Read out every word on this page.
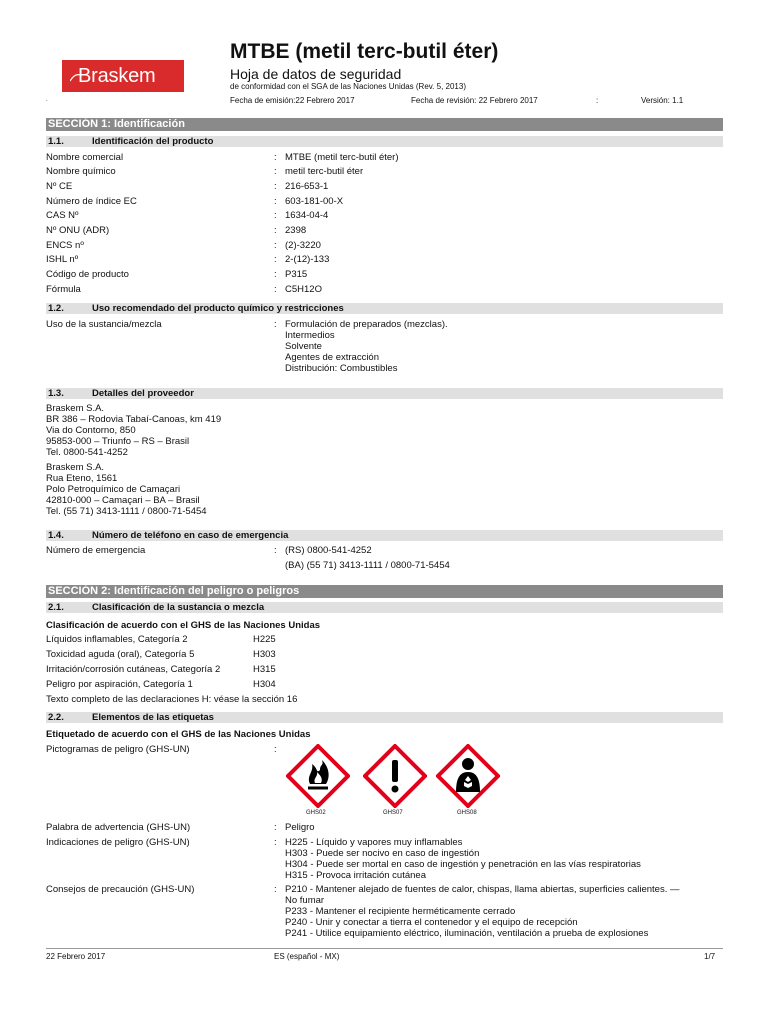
Braskem
MTBE (metil terc-butil éter)
Hoja de datos de seguridad
de conformidad con el SGA de las Naciones Unidas (Rev. 5, 2013)
Fecha de emisión:22 Febrero 2017	Fecha de revisión: 22 Febrero 2017	:	Versión: 1.1
.
SECCIÓN 1: Identificación
1.1.	Identificación del producto
Nombre comercial	: MTBE (metil terc-butil éter)
Nombre químico	: metil terc-butil éter
Nº CE	: 216-653-1
Número de índice EC	: 603-181-00-X
CAS Nº	: 1634-04-4
Nº ONU (ADR)	: 2398
ENCS nº	: (2)-3220
ISHL nº	: 2-(12)-133
Código de producto	: P315
Fórmula	: C5H12O
1.2.	Uso recomendado del producto químico y restricciones
Uso de la sustancia/mezcla	: Formulación de preparados (mezclas).
Intermedios
Solvente
Agentes de extracción
Distribución: Combustibles
1.3.	Detalles del proveedor
Braskem S.A.
BR 386 – Rodovia Tabaí-Canoas, km 419
Via do Contorno, 850
95853-000 – Triunfo – RS – Brasil
Tel. 0800-541-4252
Braskem S.A.
Rua Eteno, 1561
Polo Petroquímico de Camaçari
42810-000 – Camaçari – BA – Brasil
Tel. (55 71) 3413-1111 / 0800-71-5454
1.4.	Número de teléfono en caso de emergencia
Número de emergencia	: (RS) 0800-541-4252
(BA) (55 71) 3413-1111 / 0800-71-5454
SECCIÓN 2: Identificación del peligro o peligros
2.1.	Clasificación de la sustancia o mezcla
Clasificación de acuerdo con el GHS de las Naciones Unidas
Líquidos inflamables, Categoría 2	H225
Toxicidad aguda (oral), Categoría 5	H303
Irritación/corrosión cutáneas, Categoría 2	H315
Peligro por aspiración, Categoría 1	H304
Texto completo de las declaraciones H: véase la sección 16
2.2.	Elementos de las etiquetas
Etiquetado de acuerdo con el GHS de las Naciones Unidas
Pictogramas de peligro (GHS-UN)	:
GHS02	GHS07	GHS08
Palabra de advertencia (GHS-UN)	: Peligro
Indicaciones de peligro (GHS-UN)	: H225 - Líquido y vapores muy inflamables
H303 - Puede ser nocivo en caso de ingestión
H304 - Puede ser mortal en caso de ingestión y penetración en las vías respiratorias
H315 - Provoca irritación cutánea
Consejos de precaución (GHS-UN)	: P210 - Mantener alejado de fuentes de calor, chispas, llama abiertas, superficies calientes. —
No fumar
P233 - Mantener el recipiente herméticamente cerrado
P240 - Unir y conectar a tierra el contenedor y el equipo de recepción
P241 - Utilice equipamiento eléctrico, iluminación, ventilación a prueba de explosiones
22 Febrero 2017	ES (español - MX)	1/7
